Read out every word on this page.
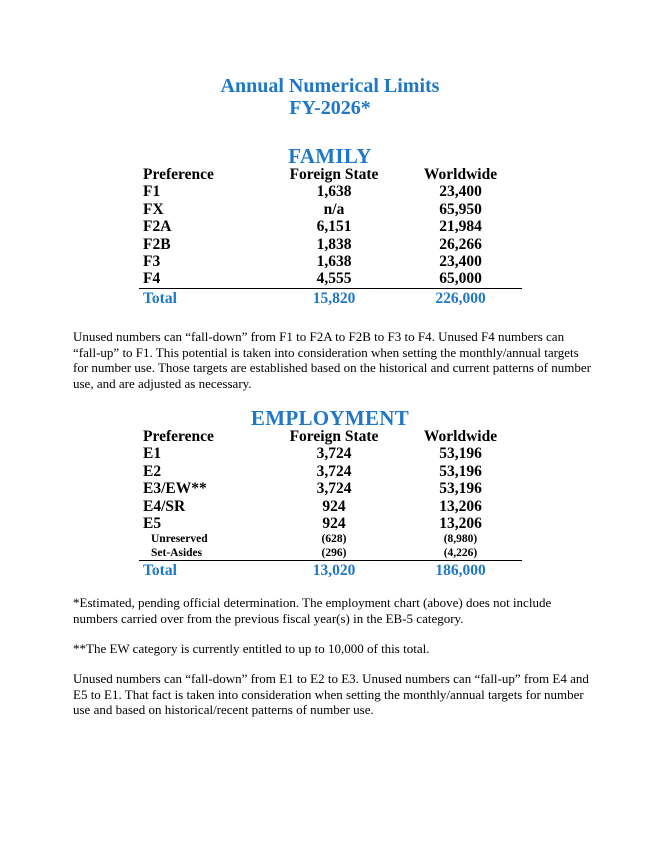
Annual Numerical Limits
FY-2026*
FAMILY
Preference	Foreign State	Worldwide
F1	1,638	23,400
FX	n/a	65,950
F2A	6,151	21,984
F2B	1,838	26,266
F3	1,638	23,400
F4	4,555	65,000
Total	15,820	226,000

Unused numbers can “fall-down” from F1 to F2A to F2B to F3 to F4. Unused F4 numbers can “fall-up” to F1. This potential is taken into consideration when setting the monthly/annual targets for number use. Those targets are established based on the historical and current patterns of number use, and are adjusted as necessary.

EMPLOYMENT
Preference	Foreign State	Worldwide
E1	3,724	53,196
E2	3,724	53,196
E3/EW**	3,724	53,196
E4/SR	924	13,206
E5	924	13,206
Unreserved	(628)	(8,980)
Set-Asides	(296)	(4,226)
Total	13,020	186,000

*Estimated, pending official determination. The employment chart (above) does not include numbers carried over from the previous fiscal year(s) in the EB-5 category.

**The EW category is currently entitled to up to 10,000 of this total.

Unused numbers can “fall-down” from E1 to E2 to E3. Unused numbers can “fall-up” from E4 and E5 to E1. That fact is taken into consideration when setting the monthly/annual targets for number use and based on historical/recent patterns of number use.
